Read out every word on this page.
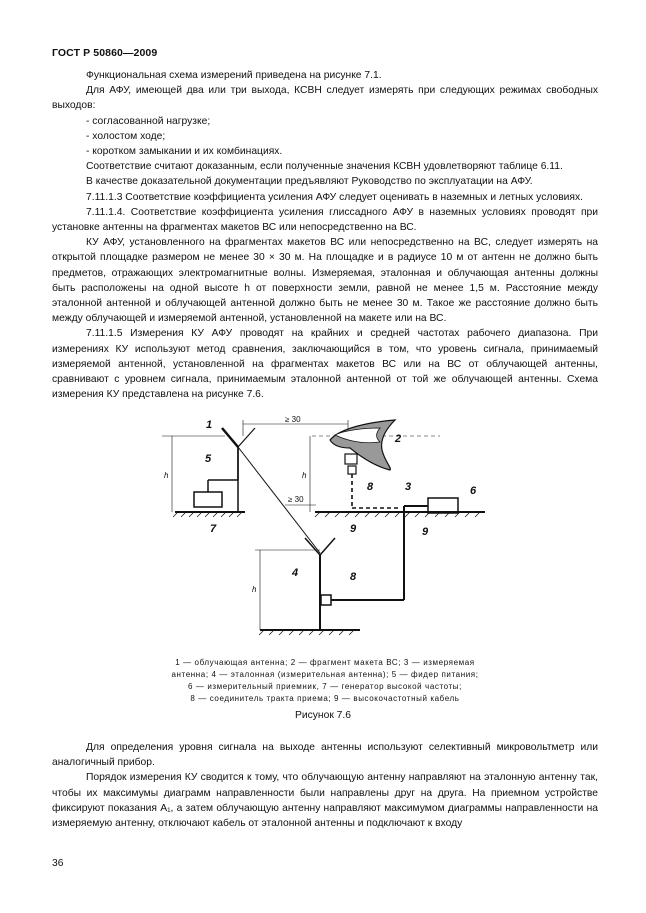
ГОСТ Р 50860—2009

Функциональная схема измерений приведена на рисунке 7.1.

Для АФУ, имеющей два или три выхода, КСВН следует измерять при следующих режимах свободных выходов:

- согласованной нагрузке;

- холостом ходе;

- коротком замыкании и их комбинациях.

Соответствие считают доказанным, если полученные значения КСВН удовлетворяют таблице 6.11.

В качестве доказательной документации предъявляют Руководство по эксплуатации на АФУ.

7.11.1.3 Соответствие коэффициента усиления АФУ следует оценивать в наземных и летных условиях.

7.11.1.4. Соответствие коэффициента усиления глиссадного АФУ в наземных условиях проводят при установке антенны на фрагментах макетов ВС или непосредственно на ВС.

КУ АФУ, установленного на фрагментах макетов ВС или непосредственно на ВС, следует измерять на открытой площадке размером не менее 30 × 30 м. На площадке и в радиусе 10 м от антенн не должно быть предметов, отражающих электромагнитные волны. Измеряемая, эталонная и облучающая антенны должны быть расположены на одной высоте h от поверхности земли, равной не менее 1,5 м. Расстояние между эталонной антенной и облучающей антенной должно быть не менее 30 м. Такое же расстояние должно быть между облучающей и измеряемой антенной, установленной на макете или на ВС.

7.11.1.5 Измерения КУ АФУ проводят на крайних и средней частотах рабочего диапазона. При измерениях КУ используют метод сравнения, заключающийся в том, что уровень сигнала, принимаемый измеряемой антенной, установленной на фрагментах макетов ВС или на ВС от облучающей антенны, сравнивают с уровнем сигнала, принимаемым эталонной антенной от той же облучающей антенны. Схема измерения КУ представлена на рисунке 7.6.

1
2
3
4
5
6
7
8
8
9	9
≥ 30
≥ 30
h	h
h
1 — облучающая антенна; 2 — фрагмент макета ВС; 3 — измеряемая
антенна; 4 — эталонная (измерительная антенна); 5 — фидер питания;
6 — измерительный приемник, 7 — генератор высокой частоты;
8 — соединитель тракта приема; 9 — высокочастотный кабель
Рисунок 7.6

Для определения уровня сигнала на выходе антенны используют селективный микровольтметр или аналогичный прибор.

Порядок измерения КУ сводится к тому, что облучающую антенну направляют на эталонную антенну так, чтобы их максимумы диаграмм направленности были направлены друг на друга. На приемном устройстве фиксируют показания A₁, а затем облучающую антенну направляют максимумом диаграммы направленности на измеряемую антенну, отключают кабель от эталонной антенны и подключают к входу

36
